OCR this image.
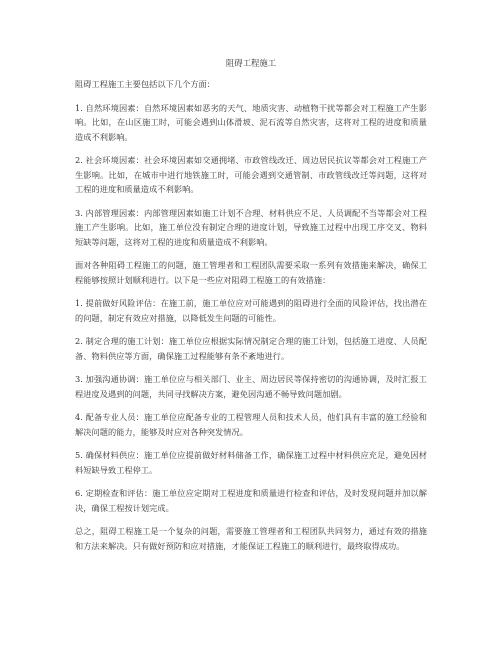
阻碍工程施工

阻碍工程施工主要包括以下几个方面：

1. 自然环境因素：自然环境因素如恶劣的天气、地质灾害、动植物干扰等都会对工程施工产生影响。比如，在山区施工时，可能会遇到山体滑坡、泥石流等自然灾害，这将对工程的进度和质量造成不利影响。

2. 社会环境因素：社会环境因素如交通拥堵、市政管线改迁、周边居民抗议等都会对工程施工产生影响。比如，在城市中进行地铁施工时，可能会遇到交通管制、市政管线改迁等问题，这将对工程的进度和质量造成不利影响。

3. 内部管理因素：内部管理因素如施工计划不合理、材料供应不足、人员调配不当等都会对工程施工产生影响。比如，施工单位没有制定合理的进度计划，导致施工过程中出现工序交叉、物料短缺等问题，这将对工程的进度和质量造成不利影响。

面对各种阻碍工程施工的问题，施工管理者和工程团队需要采取一系列有效措施来解决，确保工程能够按照计划顺利进行。以下是一些应对阻碍工程施工的有效措施：

1. 提前做好风险评估：在施工前，施工单位应对可能遇到的阻碍进行全面的风险评估，找出潜在的问题，制定有效应对措施，以降低发生问题的可能性。

2. 制定合理的施工计划：施工单位应根据实际情况制定合理的施工计划，包括施工进度、人员配备、物料供应等方面，确保施工过程能够有条不紊地进行。

3. 加强沟通协调：施工单位应与相关部门、业主、周边居民等保持密切的沟通协调，及时汇报工程进度及遇到的问题，共同寻找解决方案，避免因沟通不畅导致问题加剧。

4. 配备专业人员：施工单位应配备专业的工程管理人员和技术人员，他们具有丰富的施工经验和解决问题的能力，能够及时应对各种突发情况。

5. 确保材料供应：施工单位应提前做好材料储备工作，确保施工过程中材料供应充足，避免因材料短缺导致工程停工。

6. 定期检查和评估：施工单位应定期对工程进度和质量进行检查和评估，及时发现问题并加以解决，确保工程按计划完成。

总之，阻碍工程施工是一个复杂的问题，需要施工管理者和工程团队共同努力，通过有效的措施和方法来解决。只有做好预防和应对措施，才能保证工程施工的顺利进行，最终取得成功。
